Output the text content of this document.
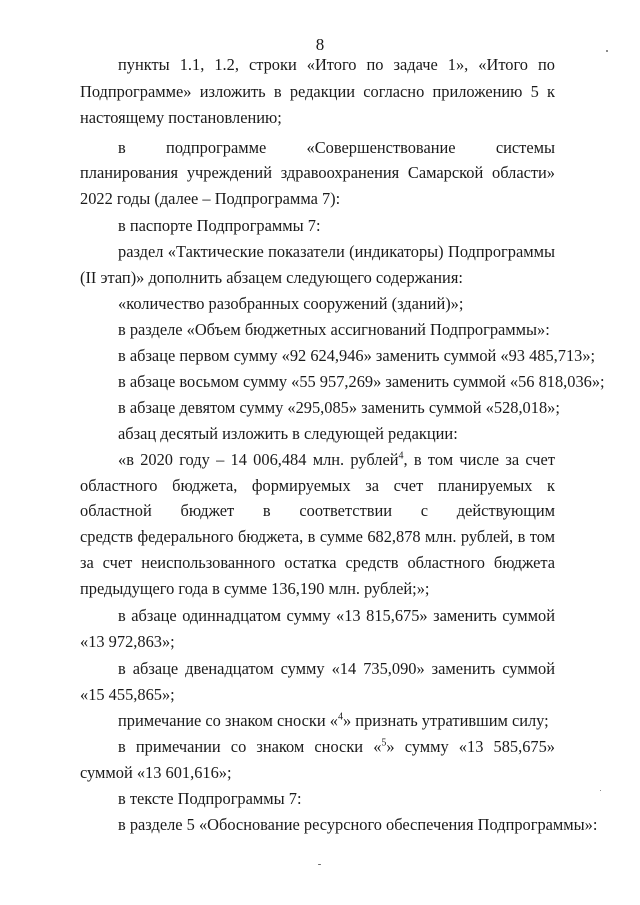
8
пункты 1.1, 1.2, строки «Итого по задаче 1», «Итого по
Подпрограмме» изложить в редакции согласно приложению 5 к
настоящему постановлению;
в подпрограмме «Совершенствование системы
планирования учреждений здравоохранения Самарской области»
2022 годы (далее – Подпрограмма 7):
в паспорте Подпрограммы 7:
раздел «Тактические показатели (индикаторы) Подпрограммы
(II этап)» дополнить абзацем следующего содержания:
«количество разобранных сооружений (зданий)»;
в разделе «Объем бюджетных ассигнований Подпрограммы»:
в абзаце первом сумму «92 624,946» заменить суммой «93 485,713»;
в абзаце восьмом сумму «55 957,269» заменить суммой «56 818,036»;
в абзаце девятом сумму «295,085» заменить суммой «528,018»;
абзац десятый изложить в следующей редакции:
«в 2020 году – 14 006,484 млн. рублей$^4$, в том числе за счет
областного бюджета, формируемых за счет планируемых к
областной бюджет в соответствии с действующим
средств федерального бюджета, в сумме 682,878 млн. рублей, в том
за счет неиспользованного остатка средств областного бюджета
предыдущего года в сумме 136,190 млн. рублей;»;
в абзаце одиннадцатом сумму «13 815,675» заменить суммой
«13 972,863»;
в абзаце двенадцатом сумму «14 735,090» заменить суммой
«15 455,865»;
примечание со знаком сноски «$^4$» признать утратившим силу;
в примечании со знаком сноски «$^5$» сумму «13 585,675»
суммой «13 601,616»;
в тексте Подпрограммы 7:
в разделе 5 «Обоснование ресурсного обеспечения Подпрограммы»:
